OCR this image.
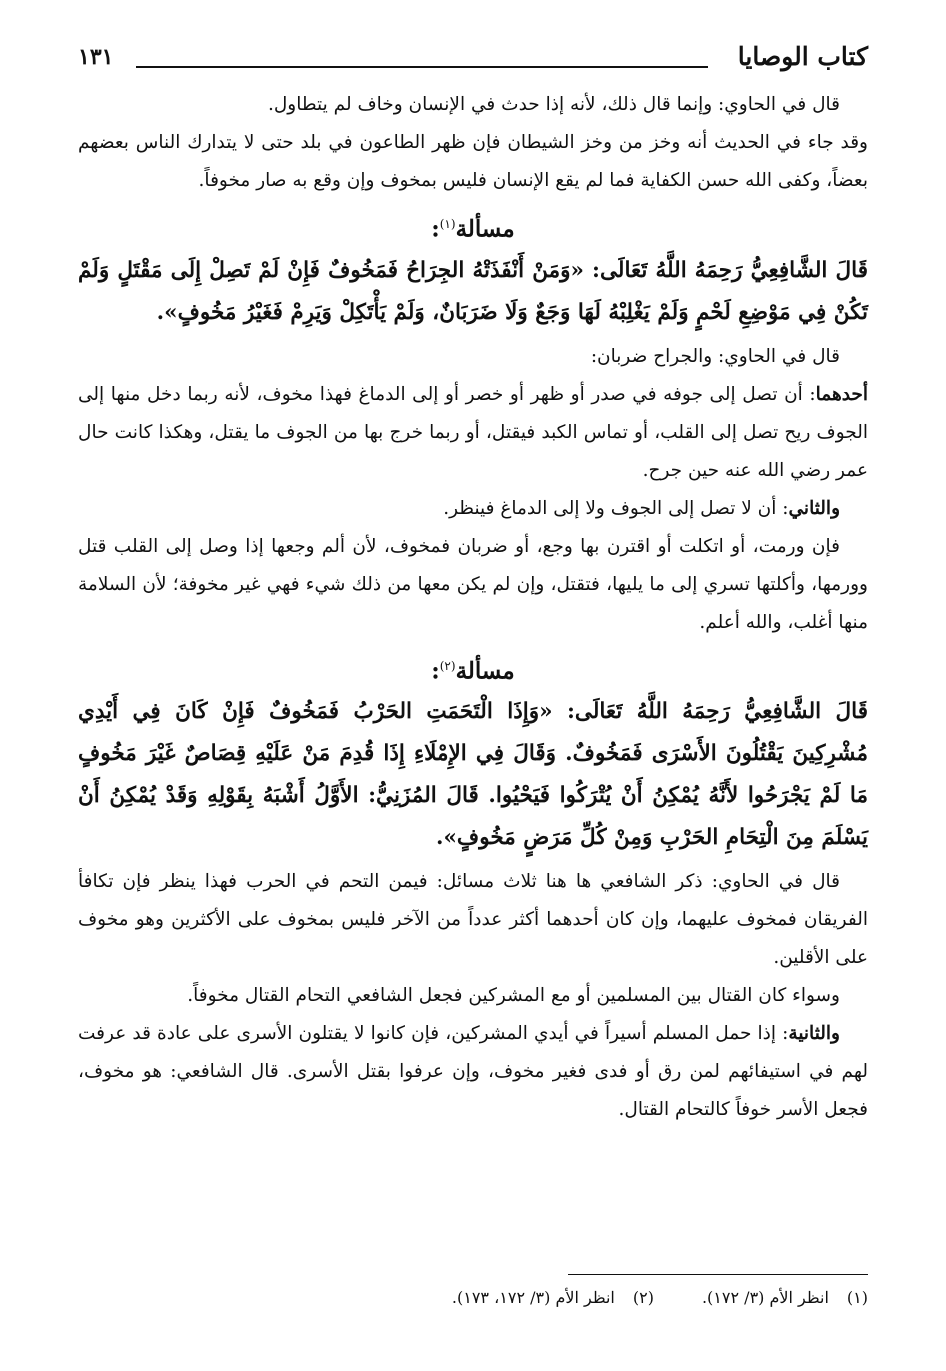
كتاب الوصايا
١٣١

قال في الحاوي: وإنما قال ذلك، لأنه إذا حدث في الإنسان وخاف لم يتطاول.

وقد جاء في الحديث أنه وخز من وخز الشيطان فإن ظهر الطاعون في بلد حتى لا يتدارك الناس بعضهم بعضاً، وكفى الله حسن الكفاية فما لم يقع الإنسان فليس بمخوف وإن وقع به صار مخوفاً.

مسألة$^{(١)}$:

قَالَ الشَّافِعِيُّ رَحِمَهُ اللَّهُ تَعَالَى: «وَمَنْ أَنْفَذَتْهُ الجِرَاحُ فَمَخُوفٌ فَإِنْ لَمْ تَصِلْ إِلَى مَقْتَلٍ وَلَمْ تَكُنْ فِي مَوْضِعِ لَحْمٍ وَلَمْ يَغْلِبْهُ لَهَا وَجَعٌ وَلَا ضَرَبَانٌ، وَلَمْ يَأْتَكِلْ وَيَرِمْ فَغَيْرُ مَخُوفٍ».

قال في الحاوي: والجراح ضربان:

أحدهما: أن تصل إلى جوفه في صدر أو ظهر أو خصر أو إلى الدماغ فهذا مخوف، لأنه ربما دخل منها إلى الجوف ريح تصل إلى القلب، أو تماس الكبد فيقتل، أو ربما خرج بها من الجوف ما يقتل، وهكذا كانت حال عمر رضي الله عنه حين جرح.

والثاني: أن لا تصل إلى الجوف ولا إلى الدماغ فينظر.

فإن ورمت، أو اتكلت أو اقترن بها وجع، أو ضربان فمخوف، لأن ألم وجعها إذا وصل إلى القلب قتل وورمها، وأكلتها تسري إلى ما يليها، فتقتل، وإن لم يكن معها من ذلك شيء فهي غير مخوفة؛ لأن السلامة منها أغلب، والله أعلم.

مسألة$^{(٢)}$:

قَالَ الشَّافِعِيُّ رَحِمَهُ اللَّهُ تَعَالَى: «وَإِذَا الْتَحَمَتِ الحَرْبُ فَمَخُوفٌ فَإِنْ كَانَ فِي أَيْدِي مُشْرِكِينَ يَقْتُلُونَ الأَسْرَى فَمَخُوفٌ. وَقَالَ فِي الإِمْلَاءِ إِذَا قُدِمَ مَنْ عَلَيْهِ قِصَاصٌ غَيْرَ مَخُوفٍ مَا لَمْ يَجْرَحُوا لأَنَّهُ يُمْكِنُ أَنْ يُتْرَكُوا فَيَحْيُوا. قَالَ المُزَنِيُّ: الأَوَّلُ أَشْبَهُ بِقَوْلِهِ وَقَدْ يُمْكِنُ أَنْ يَسْلَمَ مِنَ الْتِحَامِ الحَرْبِ وَمِنْ كُلِّ مَرَضٍ مَخُوفٍ».

قال في الحاوي: ذكر الشافعي ها هنا ثلاث مسائل: فيمن التحم في الحرب فهذا ينظر فإن تكافأ الفريقان فمخوف عليهما، وإن كان أحدهما أكثر عدداً من الآخر فليس بمخوف على الأكثرين وهو مخوف على الأقلين.

وسواء كان القتال بين المسلمين أو مع المشركين فجعل الشافعي التحام القتال مخوفاً.

والثانية: إذا حمل المسلم أسيراً في أيدي المشركين، فإن كانوا لا يقتلون الأسرى على عادة قد عرفت لهم في استيفائهم لمن رق أو فدى فغير مخوف، وإن عرفوا بقتل الأسرى. قال الشافعي: هو مخوف، فجعل الأسر خوفاً كالتحام القتال.

(١)انظر الأم (٣/ ١٧٢).
(٢)انظر الأم (٣/ ١٧٢، ١٧٣).
